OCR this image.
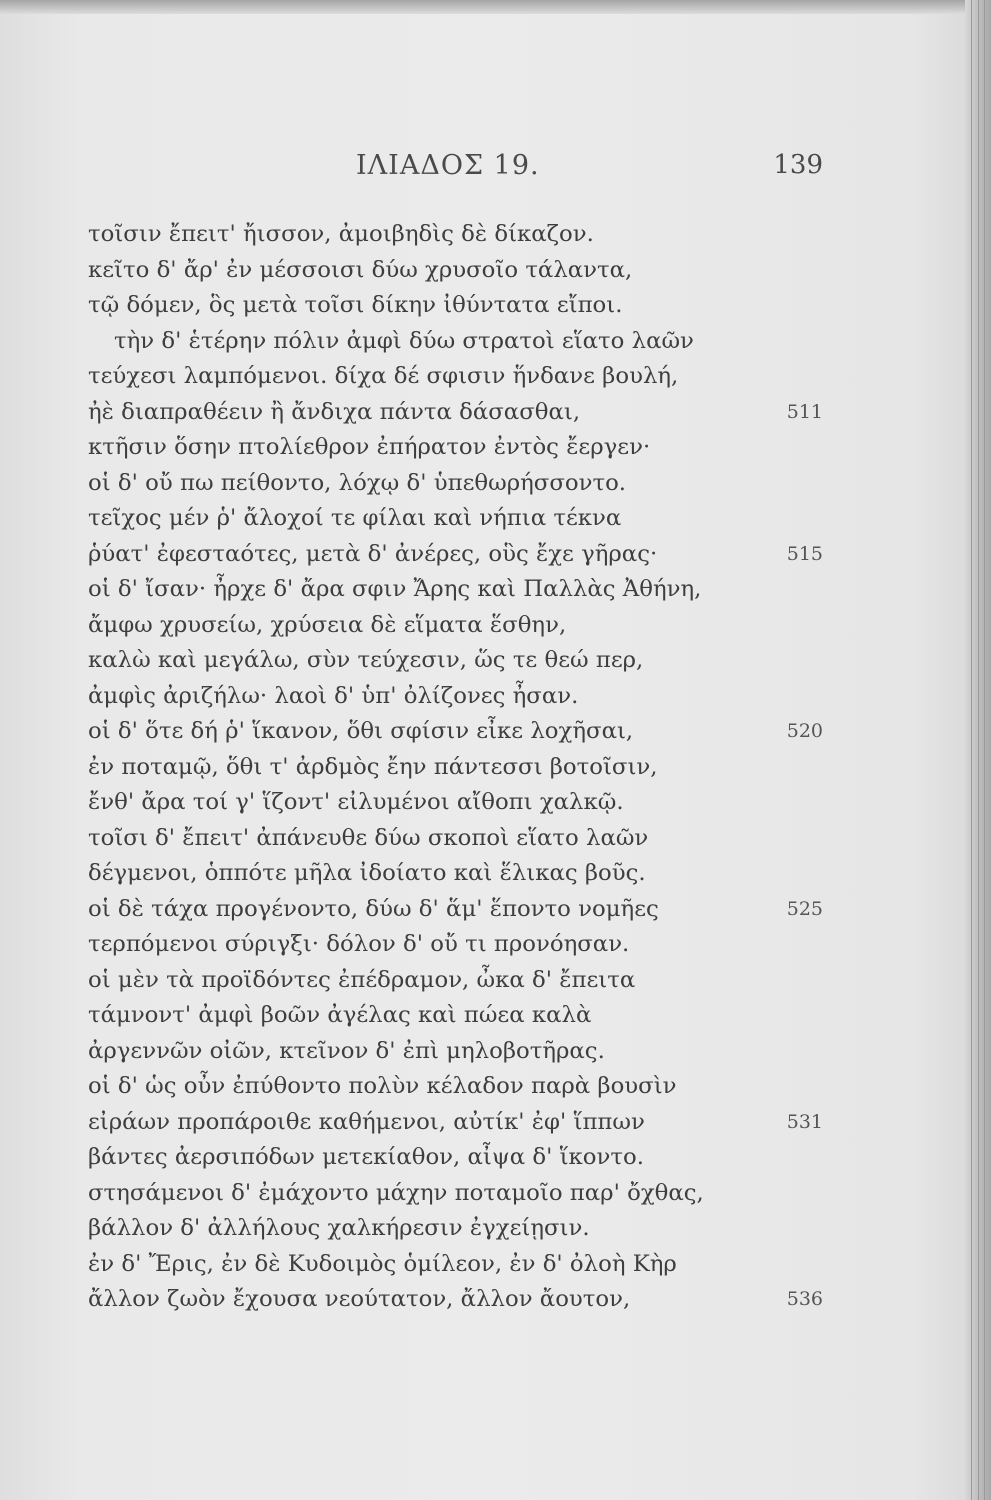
ΙΛΙΑΔΟΣ 19.	139
τοῖσιν ἔπειτ' ἤισσον, ἀμοιβηδὶς δὲ δίκαζον.
κεῖτο δ' ἄρ' ἐν μέσσοισι δύω χρυσοῖο τάλαντα,
τῷ δόμεν, ὃς μετὰ τοῖσι δίκην ἰθύντατα εἴποι.
τὴν δ' ἑτέρην πόλιν ἀμφὶ δύω στρατοὶ εἵατο λαῶν
τεύχεσι λαμπόμενοι. δίχα δέ σφισιν ἥνδανε βουλή,
ἠὲ διαπραθέειν ἢ ἄνδιχα πάντα δάσασθαι,	511
κτῆσιν ὅσην πτολίεθρον ἐπήρατον ἐντὸς ἔεργεν·
οἱ δ' οὔ πω πείθοντο, λόχῳ δ' ὑπεθωρήσσοντο.
τεῖχος μέν ῥ' ἄλοχοί τε φίλαι καὶ νήπια τέκνα
ῥύατ' ἐφεσταότες, μετὰ δ' ἀνέρες, οὓς ἔχε γῆρας·	515
οἱ δ' ἴσαν· ἦρχε δ' ἄρα σφιν Ἄρης καὶ Παλλὰς Ἀθήνη,
ἄμφω χρυσείω, χρύσεια δὲ εἵματα ἕσθην,
καλὼ καὶ μεγάλω, σὺν τεύχεσιν, ὥς τε θεώ περ,
ἀμφὶς ἀριζήλω· λαοὶ δ' ὑπ' ὀλίζονες ἦσαν.
οἱ δ' ὅτε δή ῥ' ἵκανον, ὅθι σφίσιν εἶκε λοχῆσαι,	520
ἐν ποταμῷ, ὅθι τ' ἀρδμὸς ἔην πάντεσσι βοτοῖσιν,
ἔνθ' ἄρα τοί γ' ἵζοντ' εἰλυμένοι αἴθοπι χαλκῷ.
τοῖσι δ' ἔπειτ' ἀπάνευθε δύω σκοποὶ εἵατο λαῶν
δέγμενοι, ὁππότε μῆλα ἰδοίατο καὶ ἕλικας βοῦς.
οἱ δὲ τάχα προγένοντο, δύω δ' ἅμ' ἕποντο νομῆες	525
τερπόμενοι σύριγξι· δόλον δ' οὔ τι προνόησαν.
οἱ μὲν τὰ προϊδόντες ἐπέδραμον, ὦκα δ' ἔπειτα
τάμνοντ' ἀμφὶ βοῶν ἀγέλας καὶ πώεα καλὰ
ἀργεννῶν οἰῶν, κτεῖνον δ' ἐπὶ μηλοβοτῆρας.
οἱ δ' ὡς οὖν ἐπύθοντο πολὺν κέλαδον παρὰ βουσὶν
εἰράων προπάροιθε καθήμενοι, αὐτίκ' ἐφ' ἵππων	531
βάντες ἀερσιπόδων μετεκίαθον, αἶψα δ' ἵκοντο.
στησάμενοι δ' ἐμάχοντο μάχην ποταμοῖο παρ' ὄχθας,
βάλλον δ' ἀλλήλους χαλκήρεσιν ἐγχείῃσιν.
ἐν δ' Ἔρις, ἐν δὲ Κυδοιμὸς ὁμίλεον, ἐν δ' ὀλοὴ Κὴρ
ἄλλον ζωὸν ἔχουσα νεούτατον, ἄλλον ἄουτον,	536
